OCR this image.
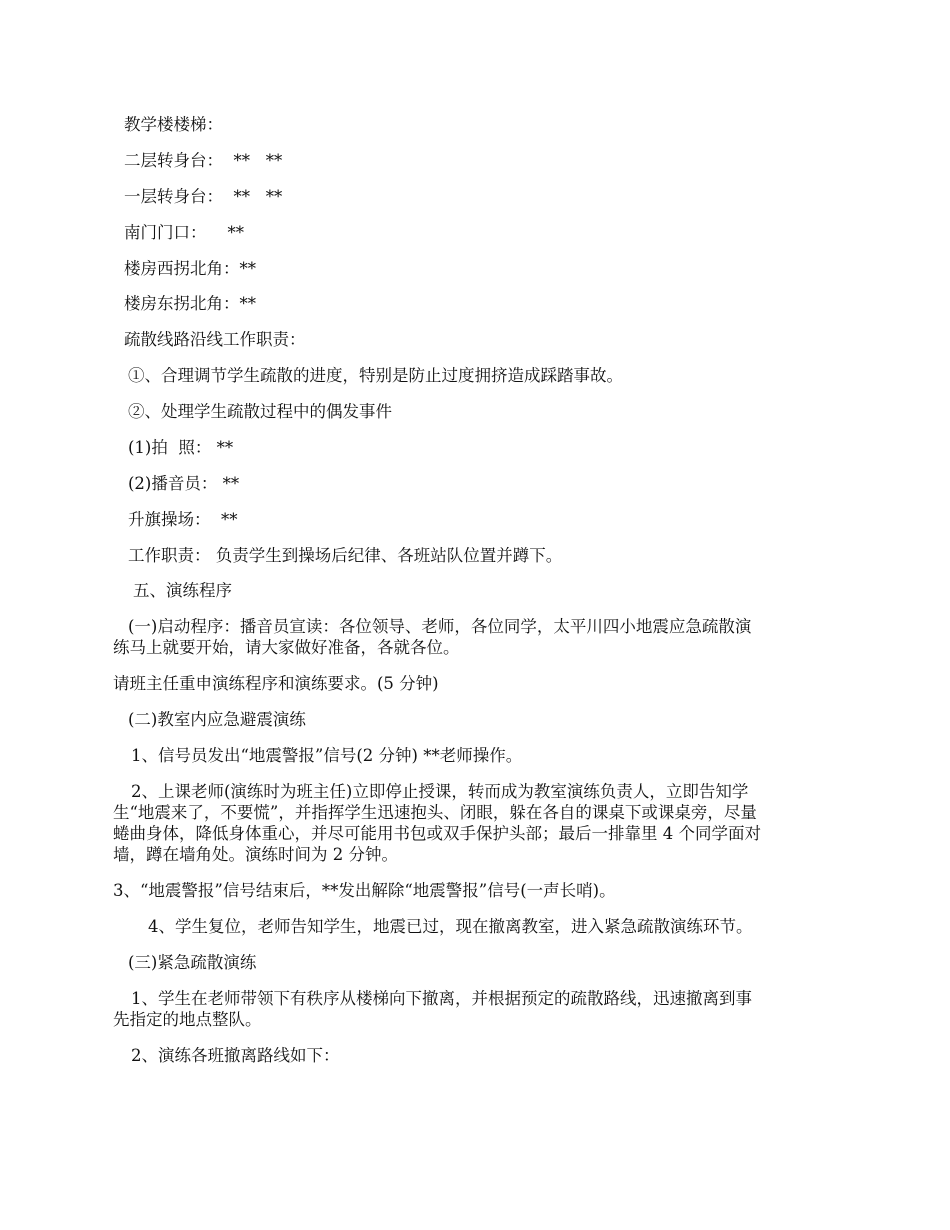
教学楼楼梯：

二层转身台：  **   **

一层转身台：  **   **

南门门口：    **

楼房西拐北角：**

楼房东拐北角：**

疏散线路沿线工作职责：

①、合理调节学生疏散的进度，特别是防止过度拥挤造成踩踏事故。

②、处理学生疏散过程中的偶发事件

(1)拍  照： **

(2)播音员： **

升旗操场：  **

工作职责： 负责学生到操场后纪律、各班站队位置并蹲下。

五、演练程序

(一)启动程序：播音员宣读：各位领导、老师，各位同学，太平川四小地震应急疏散演
练马上就要开始，请大家做好准备，各就各位。

请班主任重申演练程序和演练要求。(5 分钟)

(二)教室内应急避震演练

1、信号员发出“地震警报”信号(2 分钟) **老师操作。

2、上课老师(演练时为班主任)立即停止授课，转而成为教室演练负责人，立即告知学
生“地震来了，不要慌”，并指挥学生迅速抱头、闭眼，躲在各自的课桌下或课桌旁，尽量
蜷曲身体，降低身体重心，并尽可能用书包或双手保护头部；最后一排靠里 4 个同学面对
墙，蹲在墙角处。演练时间为 2 分钟。

3、“地震警报”信号结束后，**发出解除“地震警报”信号(一声长哨)。

4、学生复位，老师告知学生，地震已过，现在撤离教室，进入紧急疏散演练环节。

(三)紧急疏散演练

1、学生在老师带领下有秩序从楼梯向下撤离，并根据预定的疏散路线，迅速撤离到事
先指定的地点整队。

2、演练各班撤离路线如下：
